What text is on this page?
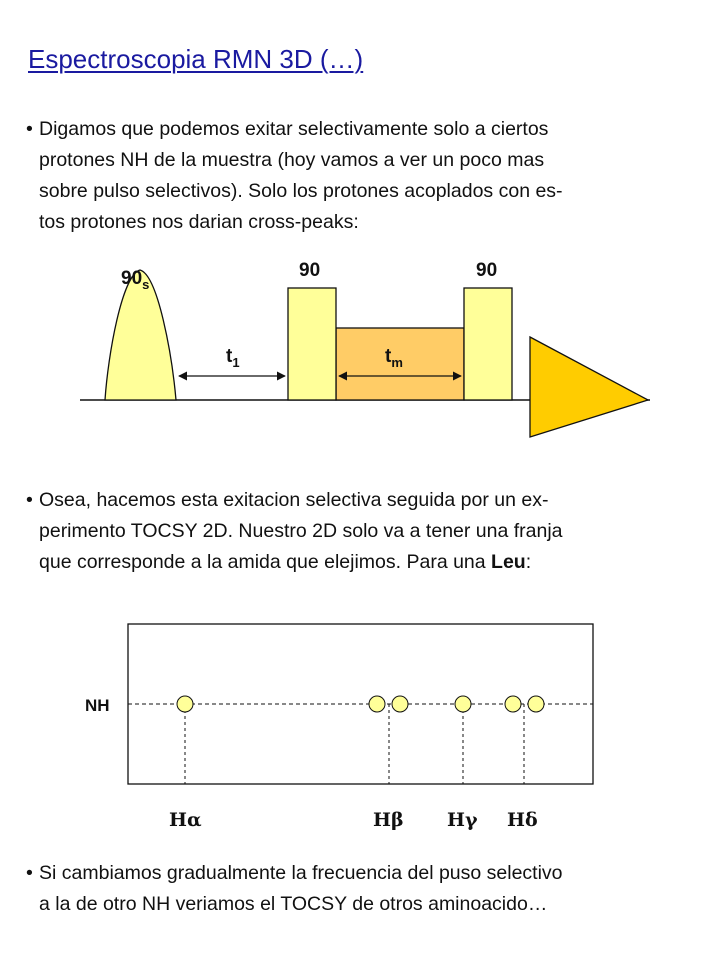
Espectroscopia RMN 3D (…)
• Digamos que podemos exitar selectivamente solo a ciertos
protones NH de la muestra (hoy vamos a ver un poco mas
sobre pulso selectivos). Solo los protones acoplados con es-
tos protones nos darian cross-peaks:
• Osea, hacemos esta exitacion selectiva seguida por un ex-
perimento TOCSY 2D. Nuestro 2D solo va a tener una franja
que corresponde a la amida que elejimos. Para una Leu:
• Si cambiamos gradualmente la frecuencia del puso selectivo
a la de otro NH veriamos el TOCSY de otros aminoacido…
$90_s$
90	90
$t_1$	$t_m$
NH
Hα	Hβ Hγ Hδ
